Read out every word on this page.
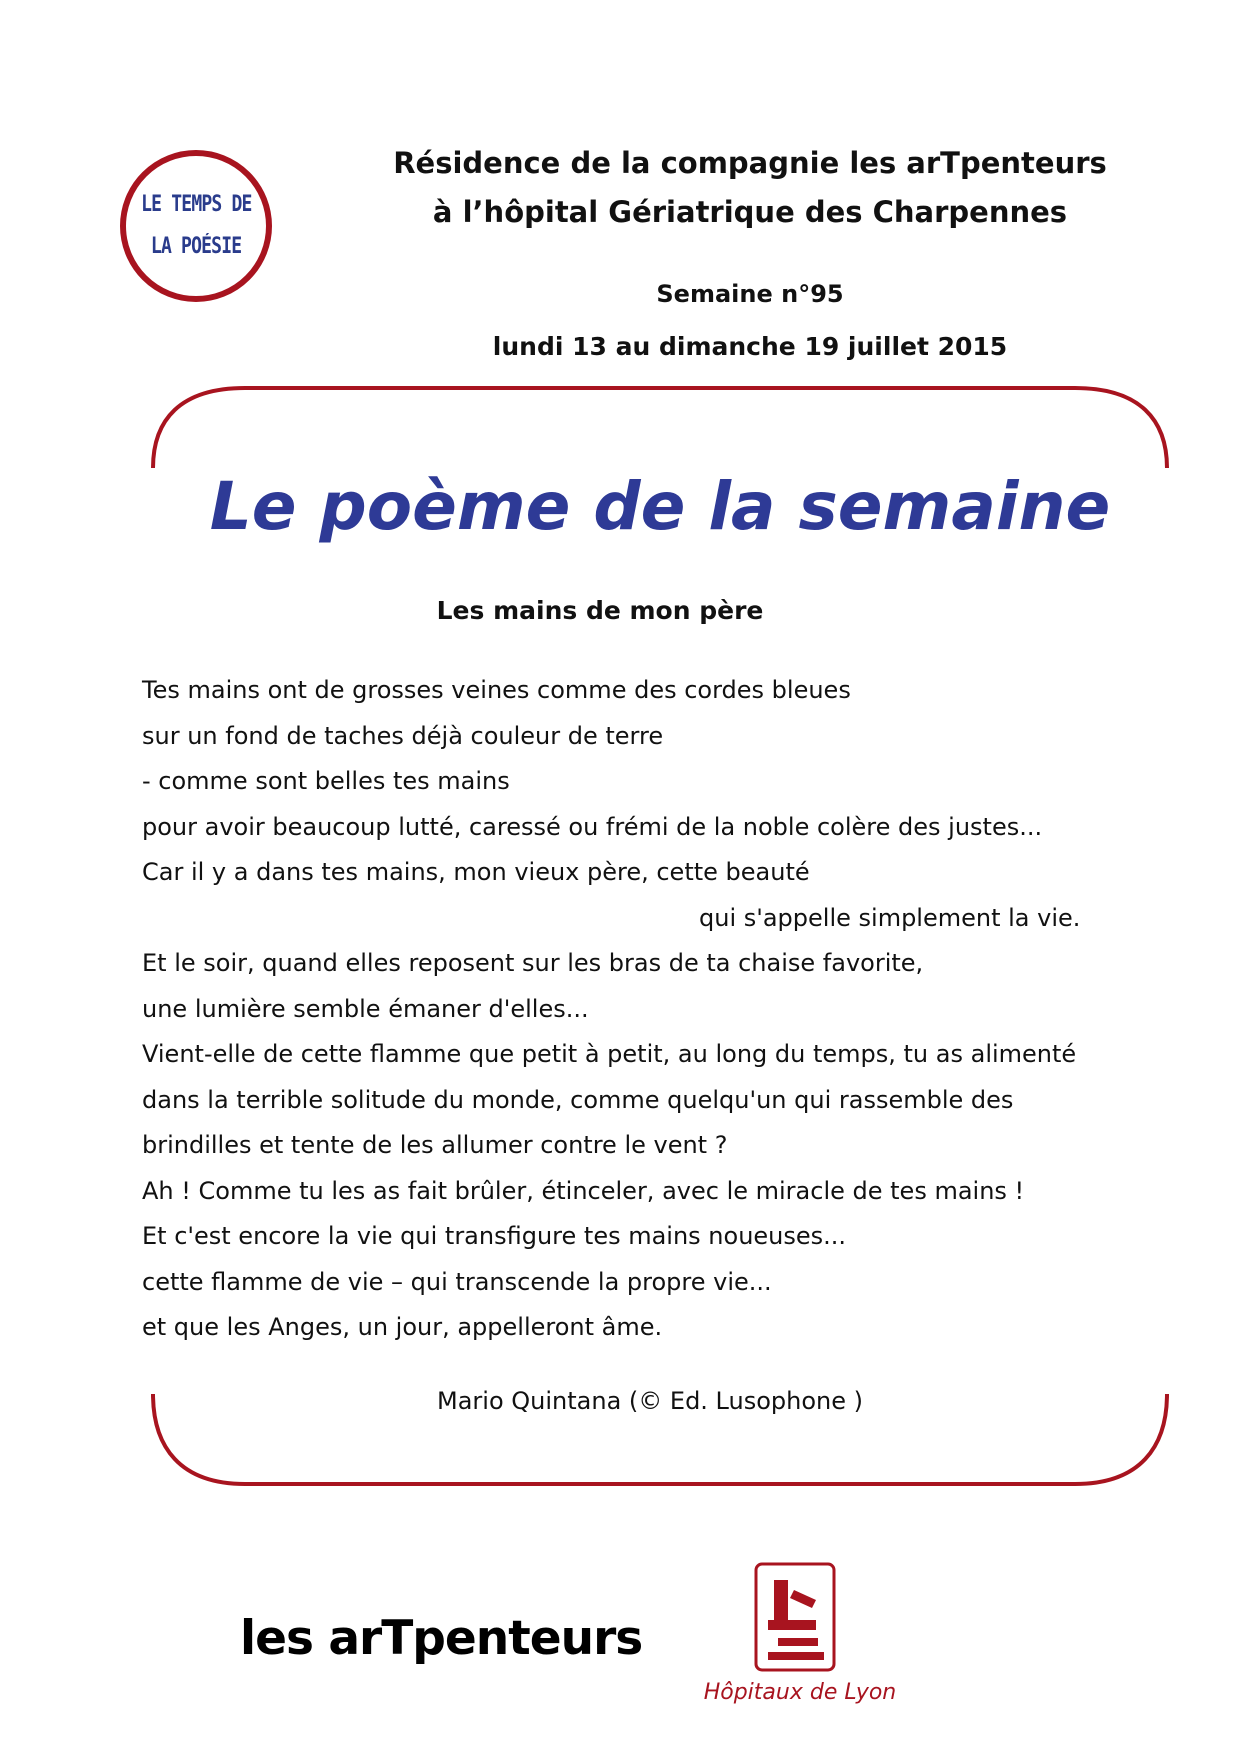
LE TEMPS DE
LA POÉSIE
Résidence de la compagnie les arTpenteurs
à l’hôpital Gériatrique des Charpennes
Semaine n°95
lundi 13 au dimanche 19 juillet 2015
Le poème de la semaine
Les mains de mon père
Tes mains ont de grosses veines comme des cordes bleues
sur un fond de taches déjà couleur de terre
- comme sont belles tes mains
pour avoir beaucoup lutté, caressé ou frémi de la noble colère des justes...
Car il y a dans tes mains, mon vieux père, cette beauté
qui s'appelle simplement la vie.
Et le soir, quand elles reposent sur les bras de ta chaise favorite,
une lumière semble émaner d'elles...
Vient-elle de cette flamme que petit à petit, au long du temps, tu as alimenté
dans la terrible solitude du monde, comme quelqu'un qui rassemble des
brindilles et tente de les allumer contre le vent ?
Ah ! Comme tu les as fait brûler, étinceler, avec le miracle de tes mains !
Et c'est encore la vie qui transfigure tes mains noueuses...
cette flamme de vie – qui transcende la propre vie...
et que les Anges, un jour, appelleront âme.
Mario Quintana (© Ed. Lusophone )
les arTpenteurs
Hôpitaux de Lyon
